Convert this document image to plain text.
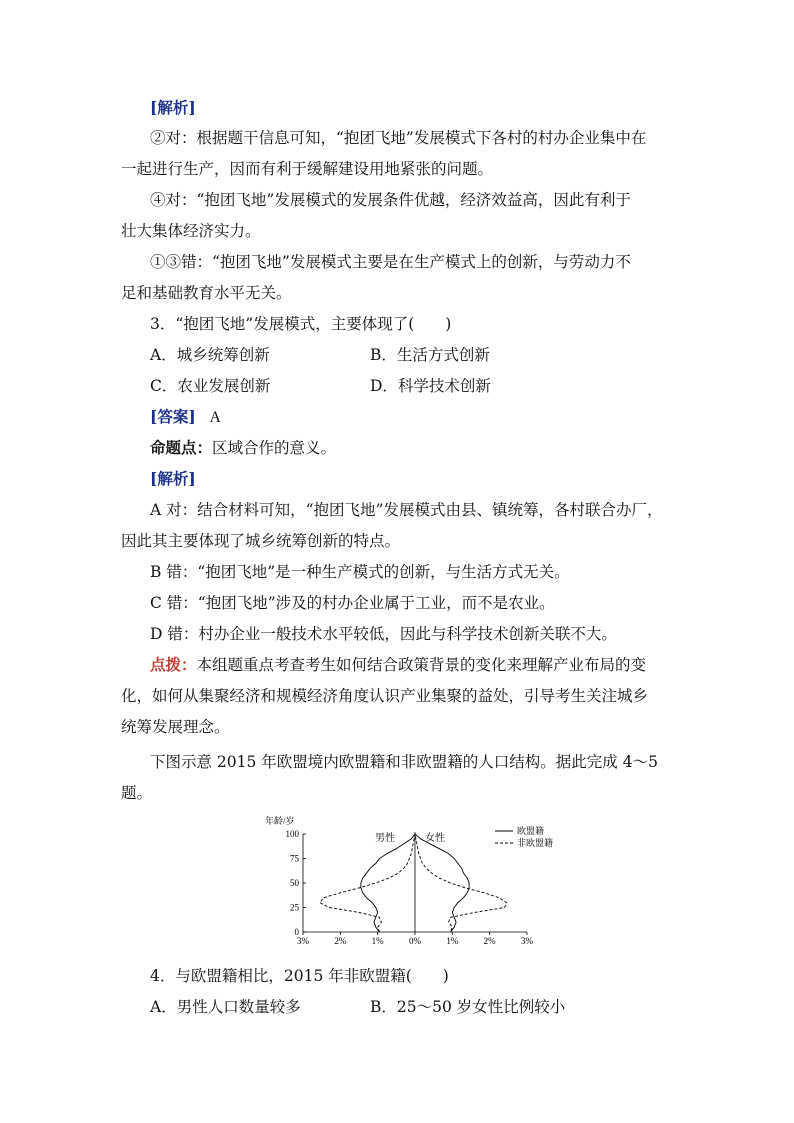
[解析]
②对：根据题干信息可知，“抱团飞地”发展模式下各村的村办企业集中在
一起进行生产，因而有利于缓解建设用地紧张的问题。
④对：“抱团飞地”发展模式的发展条件优越，经济效益高，因此有利于
壮大集体经济实力。
①③错：“抱团飞地”发展模式主要是在生产模式上的创新，与劳动力不
足和基础教育水平无关。
3．“抱团飞地”发展模式，主要体现了(　　)
A．城乡统筹创新	B．生活方式创新
C．农业发展创新	D．科学技术创新
[答案] A
命题点：区域合作的意义。
[解析]
A 对：结合材料可知，“抱团飞地”发展模式由县、镇统筹，各村联合办厂，
因此其主要体现了城乡统筹创新的特点。
B 错：“抱团飞地”是一种生产模式的创新，与生活方式无关。
C 错：“抱团飞地”涉及的村办企业属于工业，而不是农业。
D 错：村办企业一般技术水平较低，因此与科学技术创新关联不大。
点拨：本组题重点考查考生如何结合政策背景的变化来理解产业布局的变
化，如何从集聚经济和规模经济角度认识产业集聚的益处，引导考生关注城乡
统筹发展理念。
下图示意 2015 年欧盟境内欧盟籍和非欧盟籍的人口结构。据此完成 4～5
题。
年龄/岁
100
75
50
25
0
3%	2%	1%	0%	1%	2%	3%
男性	女性
欧盟籍
非欧盟籍
4．与欧盟籍相比，2015 年非欧盟籍(　　)
A．男性人口数量较多	B．25～50 岁女性比例较小
